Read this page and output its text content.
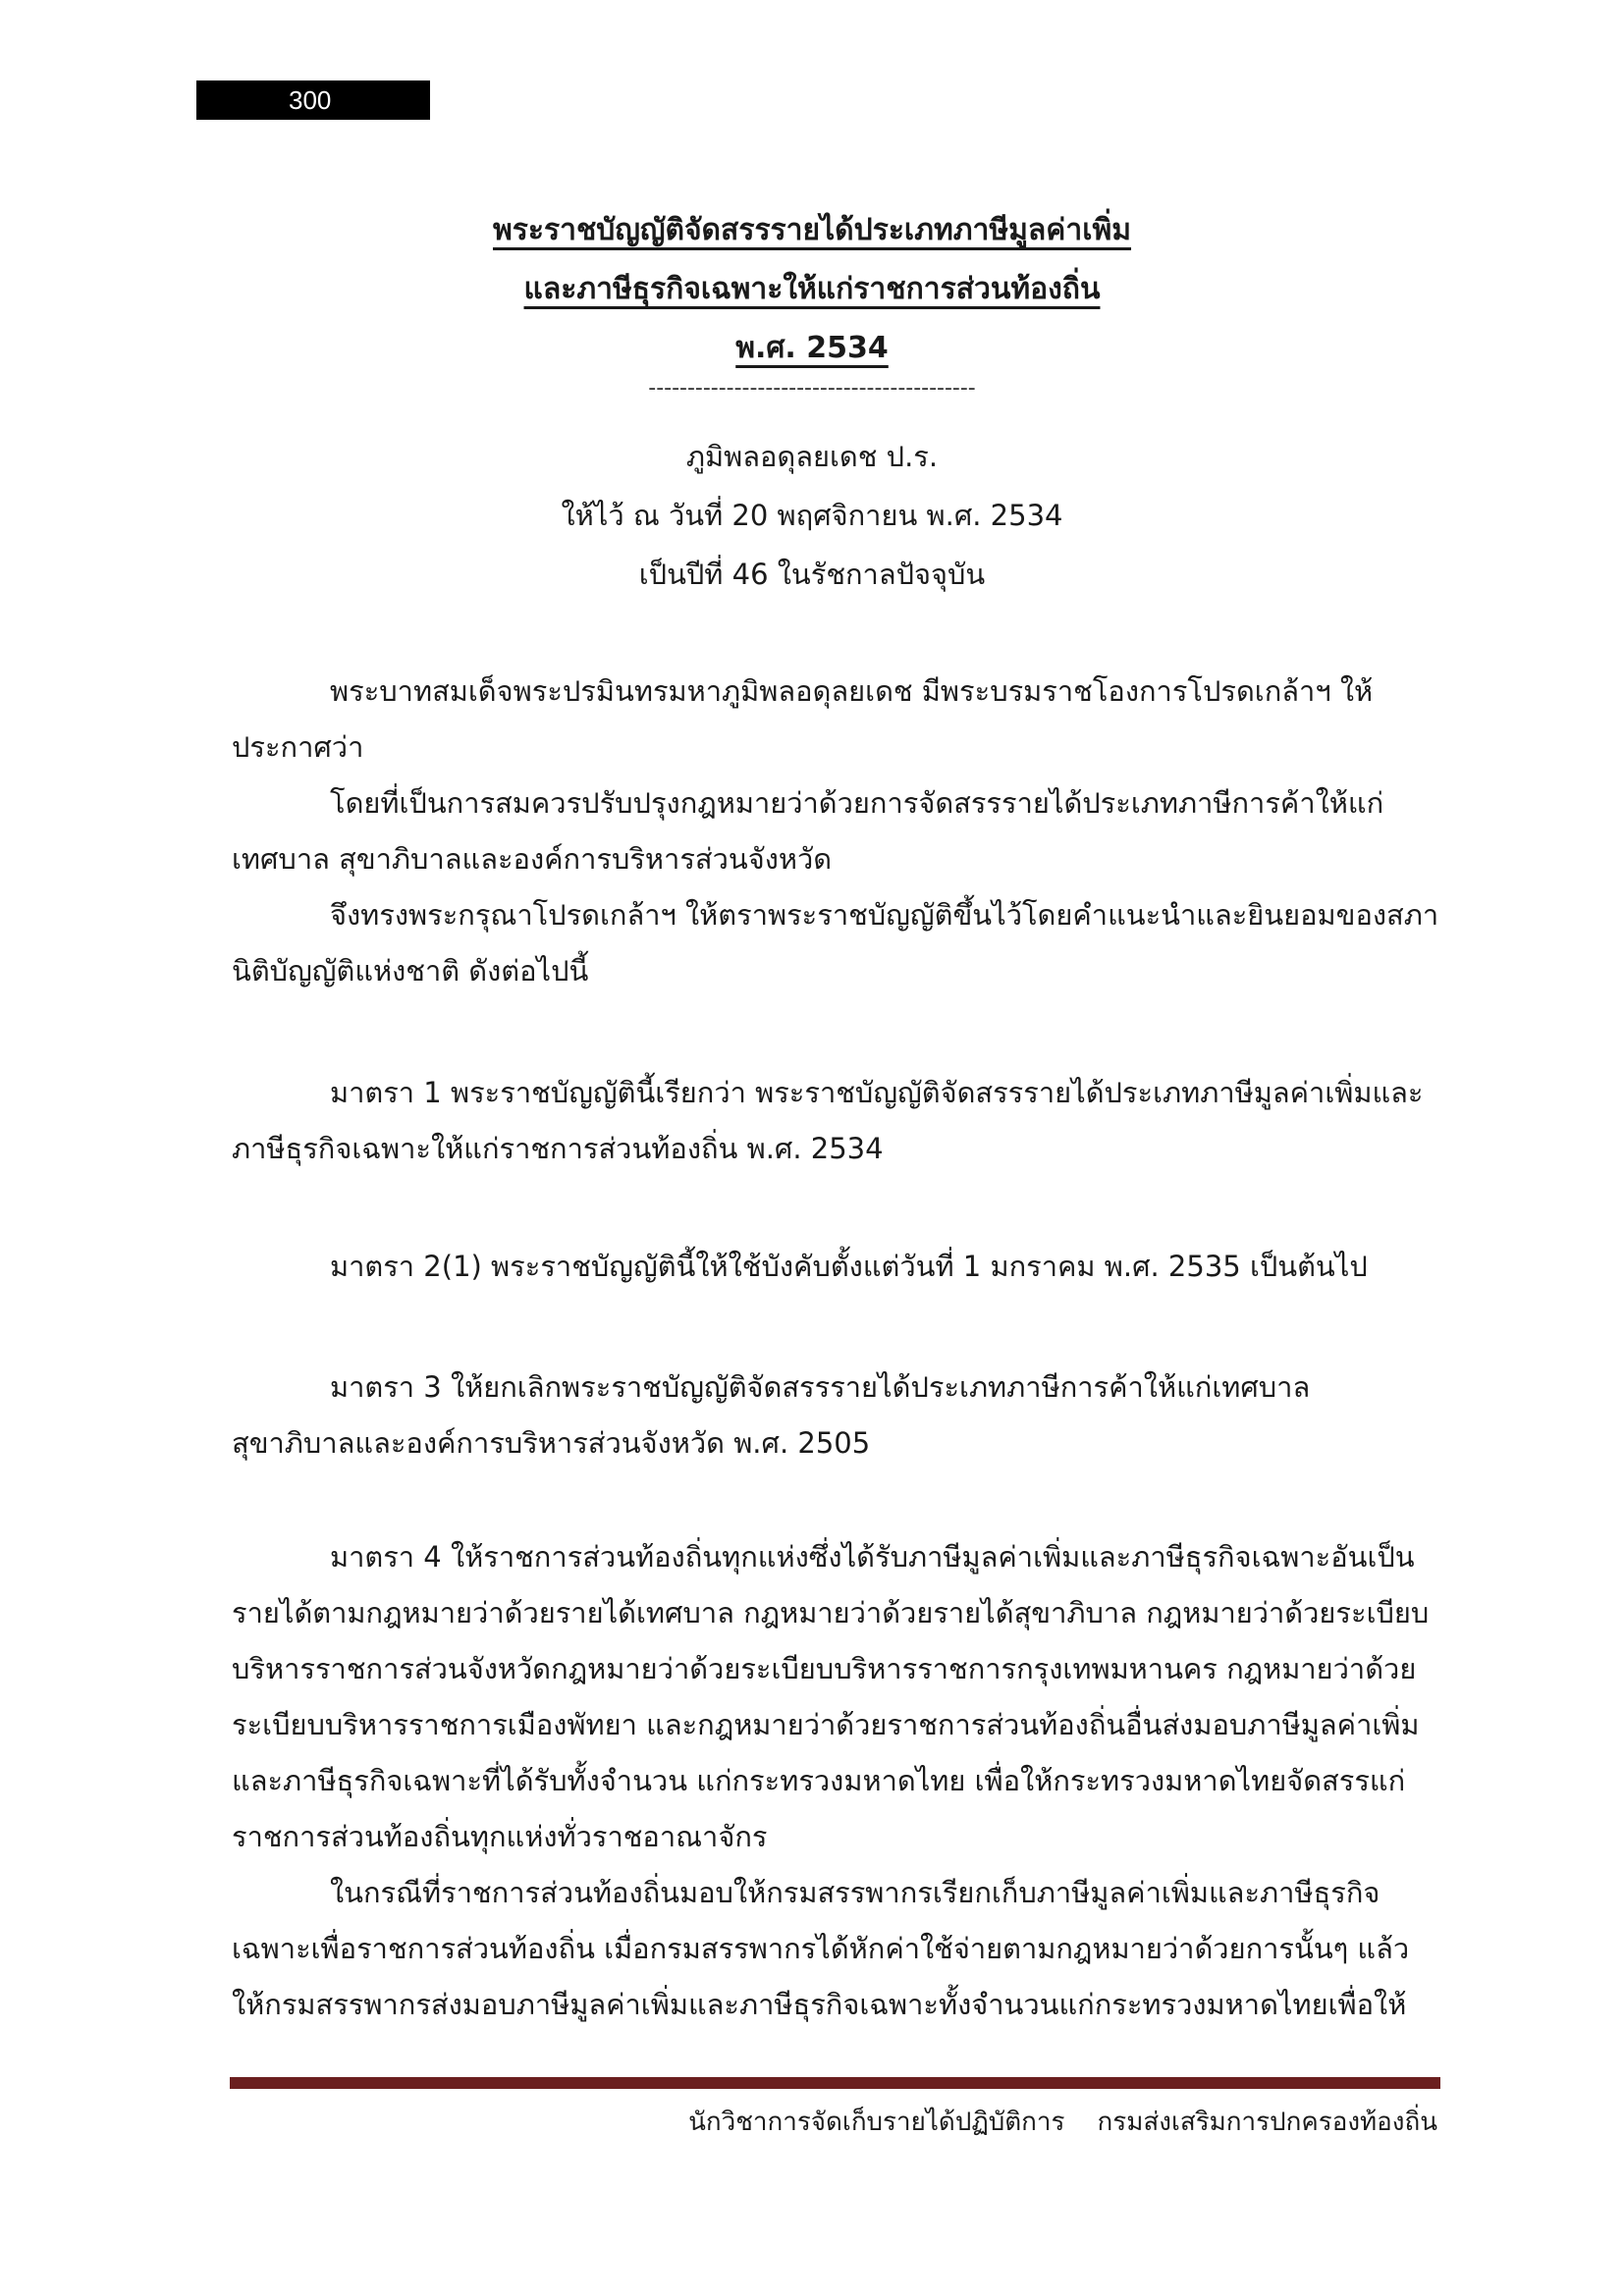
300
พระราชบัญญัติจัดสรรรายได้ประเภทภาษีมูลค่าเพิ่ม
และภาษีธุรกิจเฉพาะให้แก่ราชการส่วนท้องถิ่น
พ.ศ. 2534
------------------------------------------
ภูมิพลอดุลยเดช ป.ร.
ให้ไว้ ณ วันที่ 20 พฤศจิกายน พ.ศ. 2534
เป็นปีที่ 46 ในรัชกาลปัจจุบัน

พระบาทสมเด็จพระปรมินทรมหาภูมิพลอดุลยเดช มีพระบรมราชโองการโปรดเกล้าฯ ให้ประกาศว่า

โดยที่เป็นการสมควรปรับปรุงกฎหมายว่าด้วยการจัดสรรรายได้ประเภทภาษีการค้าให้แก่เทศบาล สุขาภิบาลและองค์การบริหารส่วนจังหวัด

จึงทรงพระกรุณาโปรดเกล้าฯ ให้ตราพระราชบัญญัติขึ้นไว้โดยคำแนะนำและยินยอมของสภานิติบัญญัติแห่งชาติ ดังต่อไปนี้

มาตรา 1 พระราชบัญญัตินี้เรียกว่า พระราชบัญญัติจัดสรรรายได้ประเภทภาษีมูลค่าเพิ่มและภาษีธุรกิจเฉพาะให้แก่ราชการส่วนท้องถิ่น พ.ศ. 2534

มาตรา 2(1) พระราชบัญญัตินี้ให้ใช้บังคับตั้งแต่วันที่ 1 มกราคม พ.ศ. 2535 เป็นต้นไป

มาตรา 3 ให้ยกเลิกพระราชบัญญัติจัดสรรรายได้ประเภทภาษีการค้าให้แก่เทศบาล สุขาภิบาลและองค์การบริหารส่วนจังหวัด พ.ศ. 2505

มาตรา 4 ให้ราชการส่วนท้องถิ่นทุกแห่งซึ่งได้รับภาษีมูลค่าเพิ่มและภาษีธุรกิจเฉพาะอันเป็นรายได้ตามกฎหมายว่าด้วยรายได้เทศบาล กฎหมายว่าด้วยรายได้สุขาภิบาล กฎหมายว่าด้วยระเบียบบริหารราชการส่วนจังหวัดกฎหมายว่าด้วยระเบียบบริหารราชการกรุงเทพมหานคร กฎหมายว่าด้วยระเบียบบริหารราชการเมืองพัทยา และกฎหมายว่าด้วยราชการส่วนท้องถิ่นอื่นส่งมอบภาษีมูลค่าเพิ่มและภาษีธุรกิจเฉพาะที่ได้รับทั้งจำนวน แก่กระทรวงมหาดไทย เพื่อให้กระทรวงมหาดไทยจัดสรรแก่ราชการส่วนท้องถิ่นทุกแห่งทั่วราชอาณาจักร

ในกรณีที่ราชการส่วนท้องถิ่นมอบให้กรมสรรพากรเรียกเก็บภาษีมูลค่าเพิ่มและภาษีธุรกิจเฉพาะเพื่อราชการส่วนท้องถิ่น เมื่อกรมสรรพากรได้หักค่าใช้จ่ายตามกฎหมายว่าด้วยการนั้นๆ แล้ว ให้กรมสรรพากรส่งมอบภาษีมูลค่าเพิ่มและภาษีธุรกิจเฉพาะทั้งจำนวนแก่กระทรวงมหาดไทยเพื่อให้

นักวิชาการจัดเก็บรายได้ปฏิบัติการ    กรมส่งเสริมการปกครองท้องถิ่น
